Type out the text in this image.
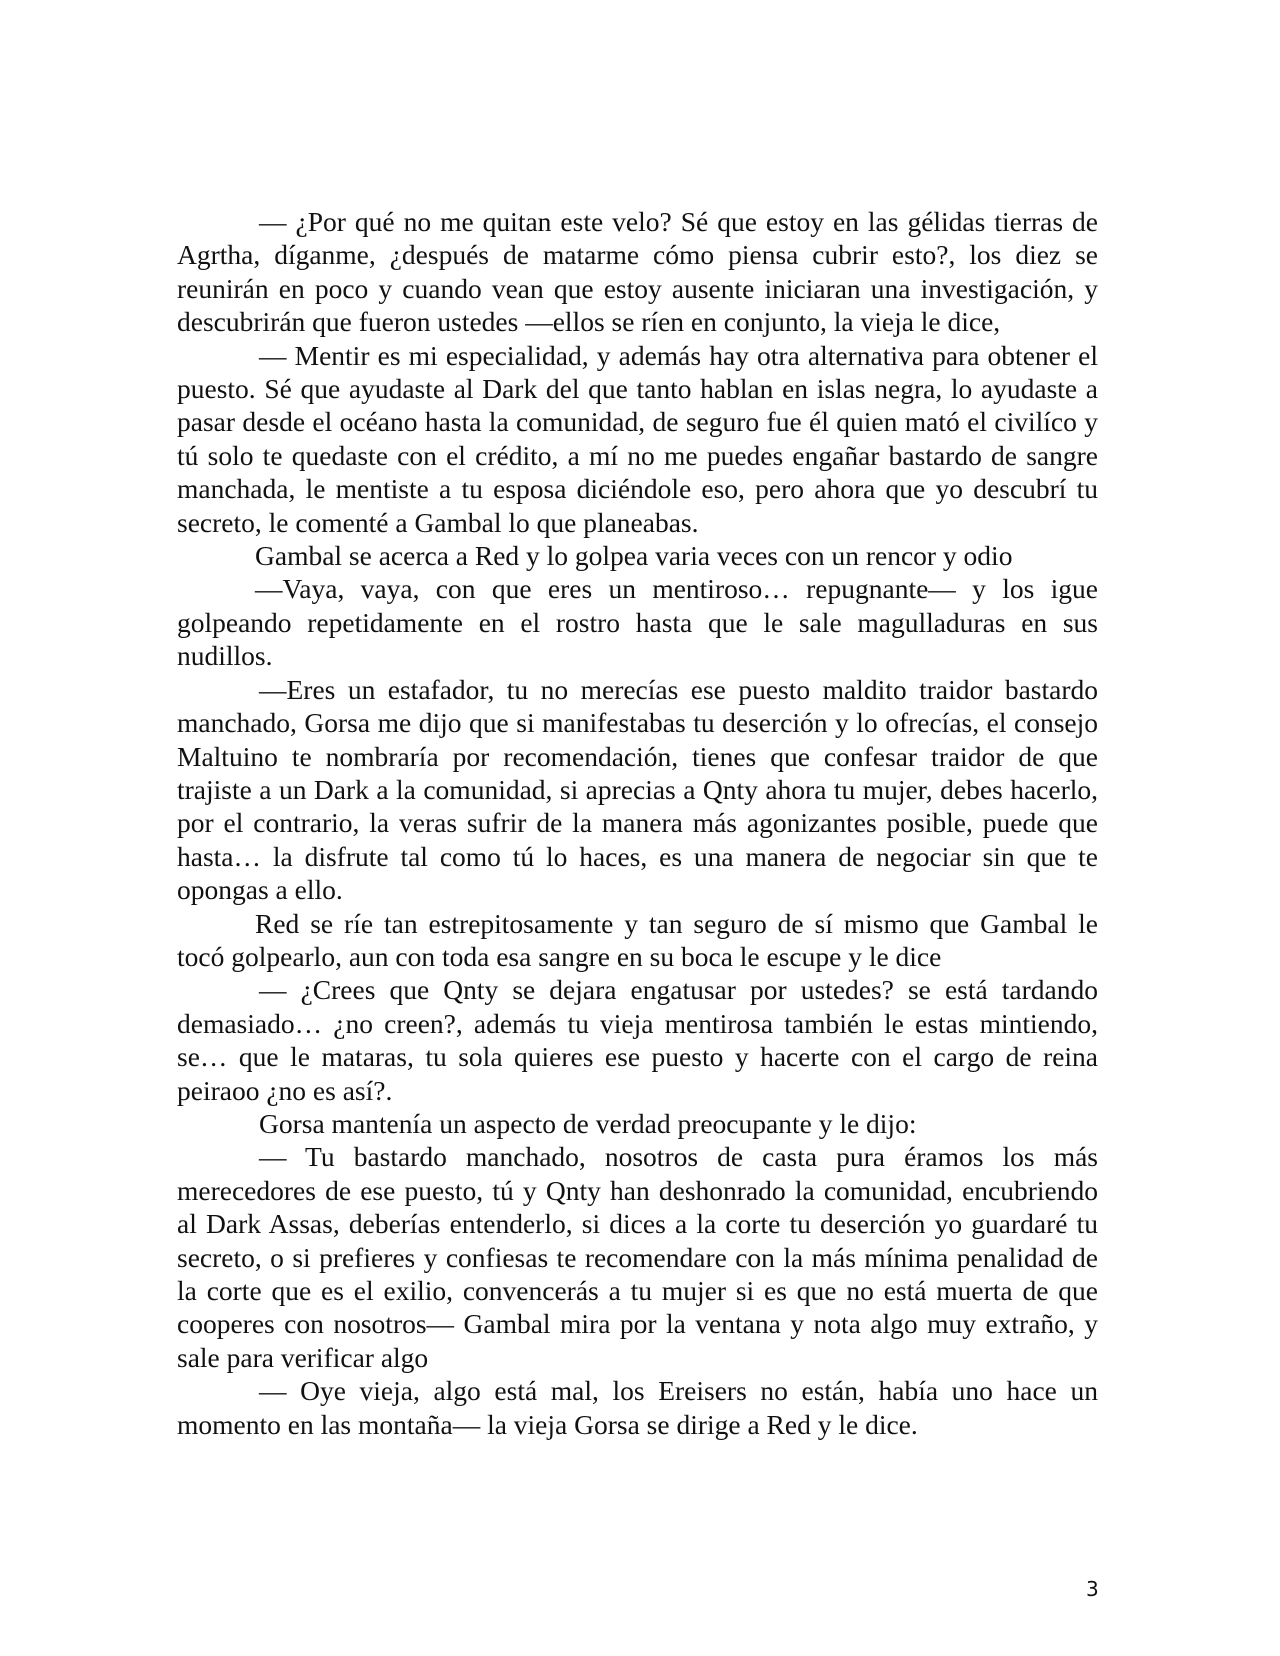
— ¿Por qué no me quitan este velo? Sé que estoy en las gélidas tierras de Agrtha, díganme, ¿después de matarme cómo piensa cubrir esto?, los diez se reunirán en poco y cuando vean que estoy ausente iniciaran una investigación, y descubrirán que fueron ustedes —ellos se ríen en conjunto, la vieja le dice,

— Mentir es mi especialidad, y además hay otra alternativa para obtener el puesto. Sé que ayudaste al Dark del que tanto hablan en islas negra, lo ayudaste a pasar desde el océano hasta la comunidad, de seguro fue él quien mató el civilíco y tú solo te quedaste con el crédito, a mí no me puedes engañar bastardo de sangre manchada, le mentiste a tu esposa diciéndole eso, pero ahora que yo descubrí tu secreto, le comenté a Gambal lo que planeabas.

Gambal se acerca a Red y lo golpea varia veces con un rencor y odio

—Vaya, vaya, con que eres un mentiroso… repugnante— y los igue golpeando repetidamente en el rostro hasta que le sale magulladuras en sus nudillos.

—Eres un estafador, tu no merecías ese puesto maldito traidor bastardo manchado, Gorsa me dijo que si manifestabas tu deserción y lo ofrecías, el consejo Maltuino te nombraría por recomendación, tienes que confesar traidor de que trajiste a un Dark a la comunidad, si aprecias a Qnty ahora tu mujer, debes hacerlo, por el contrario, la veras sufrir de la manera más agonizantes posible, puede que hasta… la disfrute tal como tú lo haces, es una manera de negociar sin que te opongas a ello.

Red se ríe tan estrepitosamente y tan seguro de sí mismo que Gambal le tocó golpearlo, aun con toda esa sangre en su boca le escupe y le dice

— ¿Crees que Qnty se dejara engatusar por ustedes? se está tardando demasiado… ¿no creen?, además tu vieja mentirosa también le estas mintiendo, se… que le mataras, tu sola quieres ese puesto y hacerte con el cargo de reina peiraoo ¿no es así?.

Gorsa mantenía un aspecto de verdad preocupante y le dijo:

— Tu bastardo manchado, nosotros de casta pura éramos los más merecedores de ese puesto, tú y Qnty han deshonrado la comunidad, encubriendo al Dark Assas, deberías entenderlo, si dices a la corte tu deserción yo guardaré tu secreto, o si prefieres y confiesas te recomendare con la más mínima penalidad de la corte que es el exilio, convencerás a tu mujer si es que no está muerta de que cooperes con nosotros— Gambal mira por la ventana y nota algo muy extraño, y sale para verificar algo

— Oye vieja, algo está mal, los Ereisers no están, había uno hace un momento en las montaña— la vieja Gorsa se dirige a Red y le dice.

3
